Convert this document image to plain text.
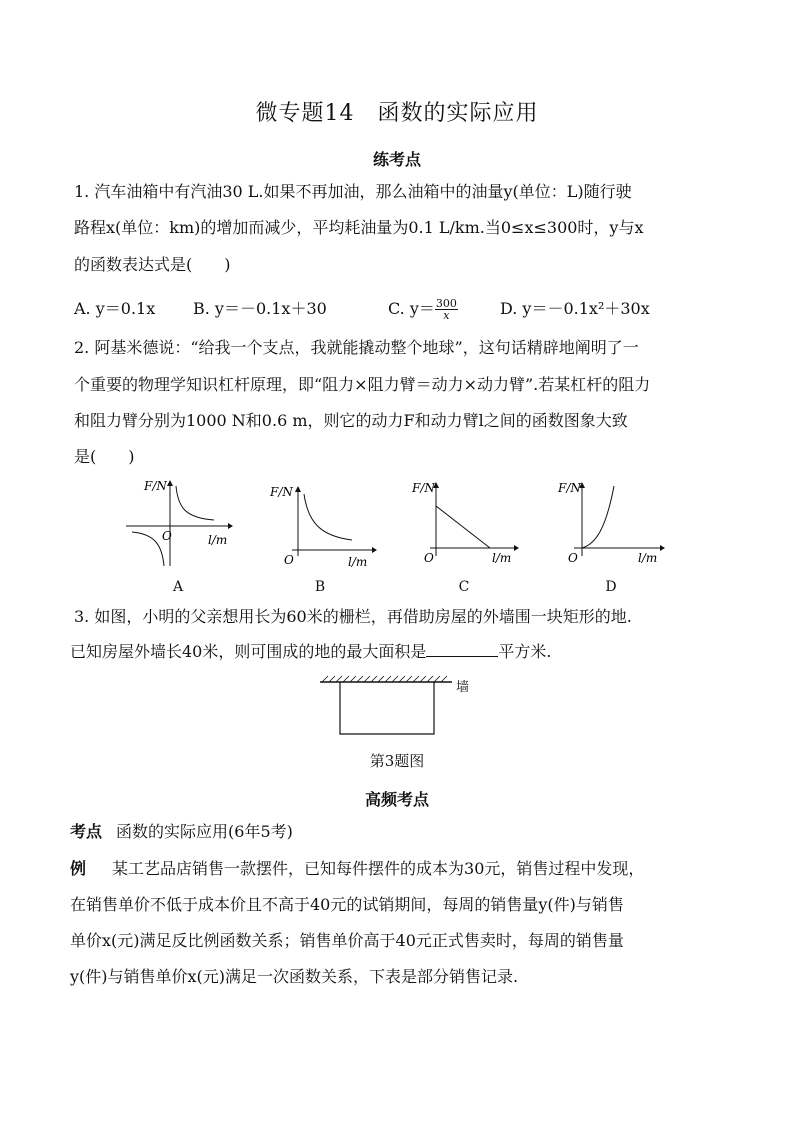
微专题14　函数的实际应用
练考点
1. 汽车油箱中有汽油30 L.如果不再加油，那么油箱中的油量y(单位：L)随行驶
路程x(单位：km)的增加而减少，平均耗油量为0.1 L/km.当0≤x≤300时，y与x
的函数表达式是(　　)
A. y＝0.1x B. y＝－0.1x＋30	C. $y= \frac{300}{x}$	D. y＝－0.1x²＋30x
2. 阿基米德说：“给我一个支点，我就能撬动整个地球”，这句话精辟地阐明了一
个重要的物理学知识杠杆原理，即“阻力×阻力臂＝动力×动力臂”.若某杠杆的阻力
和阻力臂分别为1000 N和0.6 m，则它的动力F和动力臂l之间的函数图象大致
是(　　)
F/N
O	l/m
A
F/N
O	l/m
B
F/N
O	l/m
C
F/N
O	l/m
D
3. 如图，小明的父亲想用长为60米的栅栏，再借助房屋的外墙围一块矩形的地.
已知房屋外墙长40米，则可围成的地的最大面积是	平方米.
墙
第3题图
高频考点
考点 函数的实际应用(6年5考)
例 某工艺品店销售一款摆件，已知每件摆件的成本为30元，销售过程中发现，
在销售单价不低于成本价且不高于40元的试销期间，每周的销售量y(件)与销售
单价x(元)满足反比例函数关系；销售单价高于40元正式售卖时，每周的销售量
y(件)与销售单价x(元)满足一次函数关系，下表是部分销售记录.
